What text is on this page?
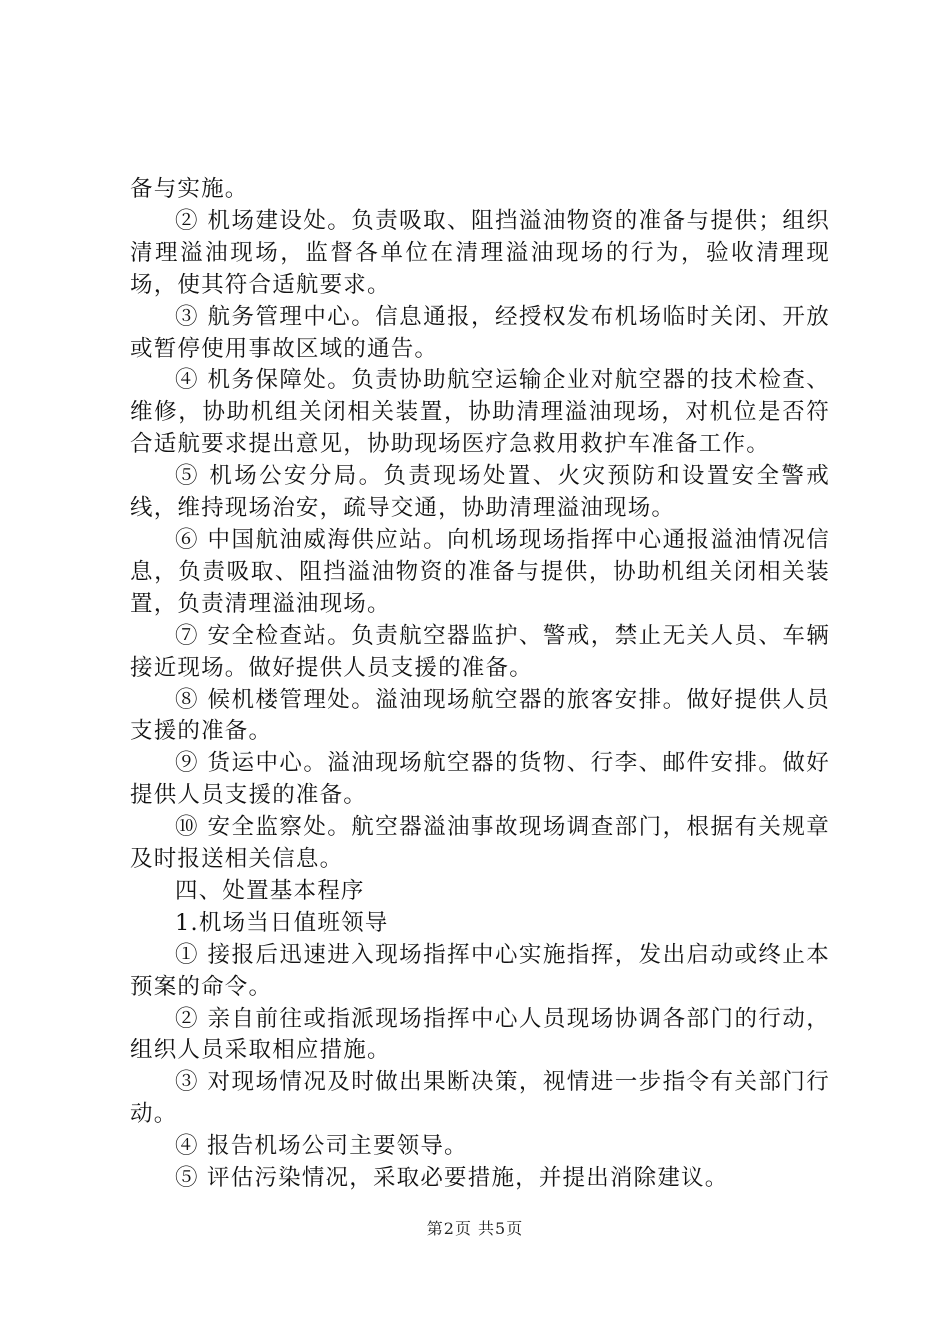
备与实施。

② 机场建设处。负责吸取、阻挡溢油物资的准备与提供；组织清理溢油现场，监督各单位在清理溢油现场的行为，验收清理现场，使其符合适航要求。

③ 航务管理中心。信息通报，经授权发布机场临时关闭、开放或暂停使用事故区域的通告。

④ 机务保障处。负责协助航空运输企业对航空器的技术检查、维修，协助机组关闭相关装置，协助清理溢油现场，对机位是否符合适航要求提出意见，协助现场医疗急救用救护车准备工作。

⑤ 机场公安分局。负责现场处置、火灾预防和设置安全警戒线，维持现场治安，疏导交通，协助清理溢油现场。

⑥ 中国航油威海供应站。向机场现场指挥中心通报溢油情况信息，负责吸取、阻挡溢油物资的准备与提供，协助机组关闭相关装置，负责清理溢油现场。

⑦ 安全检查站。负责航空器监护、警戒，禁止无关人员、车辆接近现场。做好提供人员支援的准备。

⑧ 候机楼管理处。溢油现场航空器的旅客安排。做好提供人员支援的准备。

⑨ 货运中心。溢油现场航空器的货物、行李、邮件安排。做好提供人员支援的准备。

⑩ 安全监察处。航空器溢油事故现场调查部门，根据有关规章及时报送相关信息。

四、处置基本程序

1.机场当日值班领导

① 接报后迅速进入现场指挥中心实施指挥，发出启动或终止本预案的命令。

② 亲自前往或指派现场指挥中心人员现场协调各部门的行动，组织人员采取相应措施。

③ 对现场情况及时做出果断决策，视情进一步指令有关部门行动。

④ 报告机场公司主要领导。

⑤ 评估污染情况，采取必要措施，并提出消除建议。

第2页 共5页
